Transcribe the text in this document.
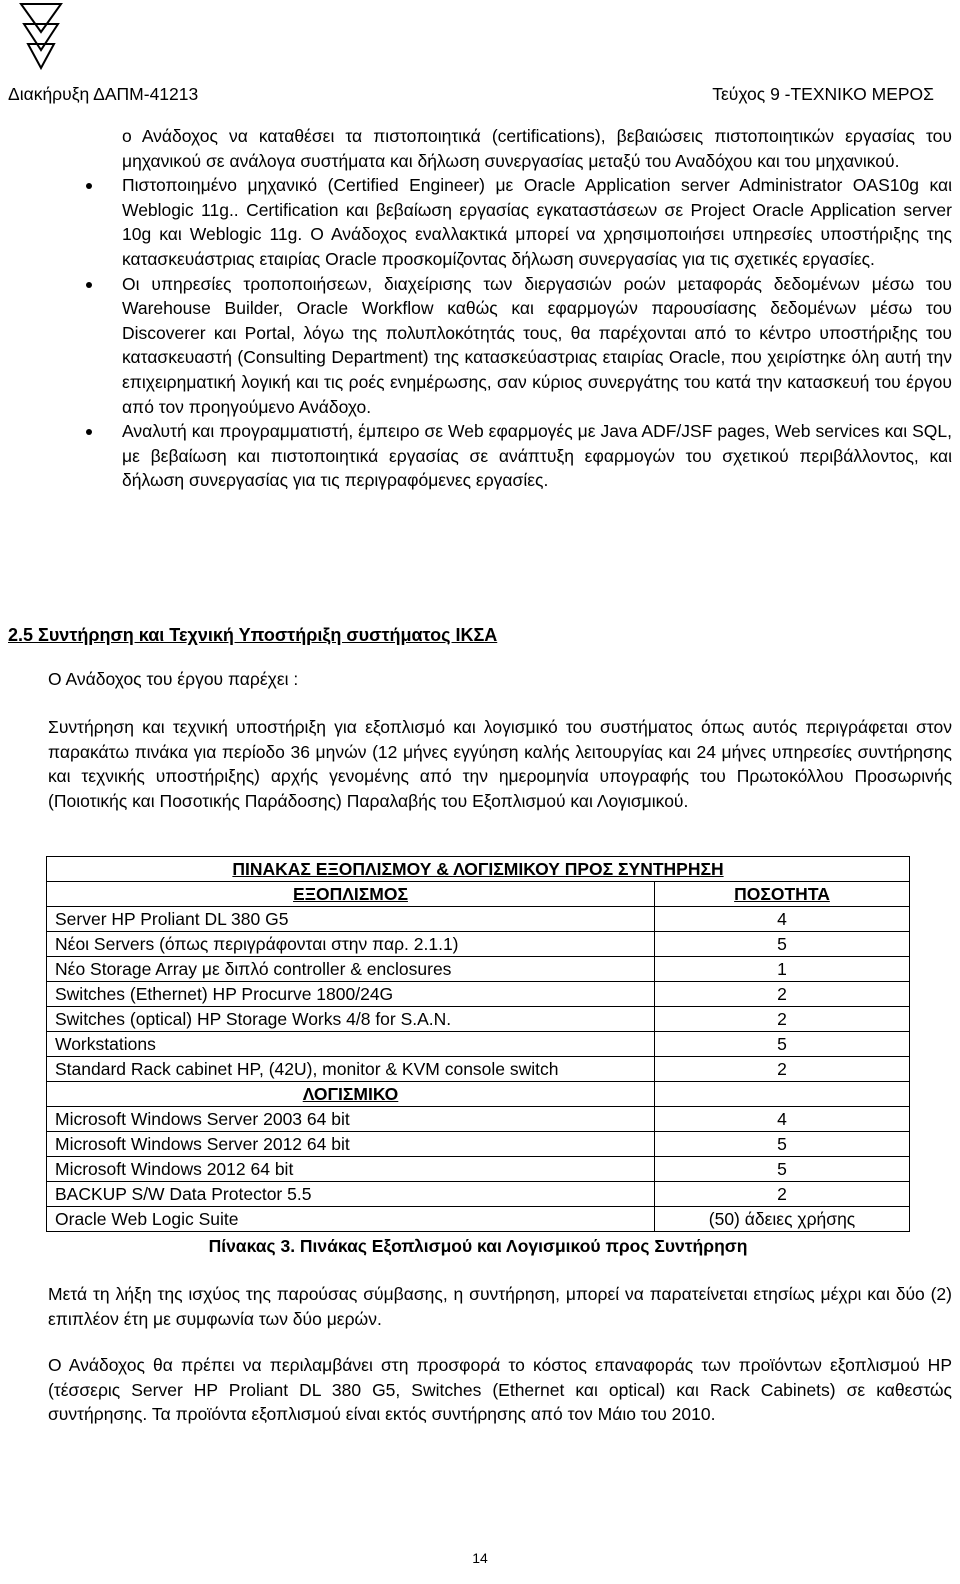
Διακήρυξη ΔΑΠΜ-41213	Τεύχος 9 -ΤΕΧΝΙΚΟ ΜΕΡΟΣ

ο Ανάδοχος να καταθέσει τα πιστοποιητικά (certifications), βεβαιώσεις πιστοποιητικών εργασίας του μηχανικού σε ανάλογα συστήματα και δήλωση συνεργασίας μεταξύ του Αναδόχου και του μηχανικού.

Πιστοποιημένο μηχανικό (Certified Engineer) με Oracle Application server Administrator OAS10g και Weblogic 11g.. Certification και βεβαίωση εργασίας εγκαταστάσεων σε Project Oracle Application server 10g και Weblogic 11g. Ο Ανάδοχος εναλλακτικά μπορεί να χρησιμοποιήσει υπηρεσίες υποστήριξης της κατασκευάστριας εταιρίας Oracle προσκομίζοντας δήλωση συνεργασίας για τις σχετικές εργασίες.

Οι υπηρεσίες τροποποιήσεων, διαχείρισης των διεργασιών ροών μεταφοράς δεδομένων μέσω του Warehouse Builder, Oracle Workflow καθώς και εφαρμογών παρουσίασης δεδομένων μέσω του Discoverer και Portal, λόγω της πολυπλοκότητάς τους, θα παρέχονται από το κέντρο υποστήριξης του κατασκευαστή (Consulting Department) της κατασκεύαστριας εταιρίας Oracle, που χειρίστηκε όλη αυτή την επιχειρηματική λογική και τις ροές ενημέρωσης, σαν κύριος συνεργάτης του κατά την κατασκευή του έργου από τον προηγούμενο Ανάδοχο.

Αναλυτή και προγραμματιστή, έμπειρο σε Web εφαρμογές με Java ADF/JSF pages, Web services και SQL, με βεβαίωση και πιστοποιητικά εργασίας σε ανάπτυξη εφαρμογών του σχετικού περιβάλλοντος, και δήλωση συνεργασίας για τις περιγραφόμενες εργασίες.

2.5 Συντήρηση και Τεχνική Υποστήριξη συστήματος ΙΚΣΑ
Ο Ανάδοχος του έργου παρέχει :

Συντήρηση και τεχνική υποστήριξη για εξοπλισμό και λογισμικό του συστήματος όπως αυτός περιγράφεται στον παρακάτω πινάκα για περίοδο 36 μηνών (12 μήνες εγγύηση καλής λειτουργίας και 24 μήνες υπηρεσίες συντήρησης και τεχνικής υποστήριξης) αρχής γενομένης από την ημερομηνία υπογραφής του Πρωτοκόλλου Προσωρινής (Ποιοτικής και Ποσοτικής Παράδοσης) Παραλαβής του Εξοπλισμού και Λογισμικού.

ΠΙΝΑΚΑΣ ΕΞΟΠΛΙΣΜΟΥ & ΛΟΓΙΣΜΙΚΟΥ ΠΡΟΣ ΣΥΝΤΗΡΗΣΗ	
ΕΞΟΠΛΙΣΜΟΣ	ΠΟΣΟΤΗΤΑ
Server HP Proliant DL 380 G5	4
Νέοι Servers (όπως περιγράφονται στην παρ. 2.1.1)	5
Νέο Storage Array με διπλό controller & enclosures	1
Switches (Ethernet) HP Procurve 1800/24G	2
Switches (optical) HP Storage Works 4/8 for S.A.N.	2
Workstations	5
Standard Rack cabinet HP, (42U), monitor & KVM console switch	2
ΛΟΓΙΣΜΙΚΟ	
Microsoft Windows Server 2003 64 bit	4
Microsoft Windows Server 2012 64 bit	5
Microsoft Windows 2012 64 bit	5
BACKUP S/W Data Protector 5.5	2
Oracle Web Logic Suite	(50) άδειες χρήσης
Πίνακας 3. Πινάκας Εξοπλισμού και Λογισμικού προς Συντήρηση

Μετά τη λήξη της ισχύος της παρούσας σύμβασης, η συντήρηση, μπορεί να παρατείνεται ετησίως μέχρι και δύο (2) επιπλέον έτη με συμφωνία των δύο μερών.

Ο Ανάδοχος θα πρέπει να περιλαμβάνει στη προσφορά το κόστος επαναφοράς των προϊόντων εξοπλισμού HP (τέσσερις Server HP Proliant DL 380 G5, Switches (Ethernet και optical) και Rack Cabinets) σε καθεστώς συντήρησης. Τα προϊόντα εξοπλισμού είναι εκτός συντήρησης από τον Μάιο του 2010.

14
